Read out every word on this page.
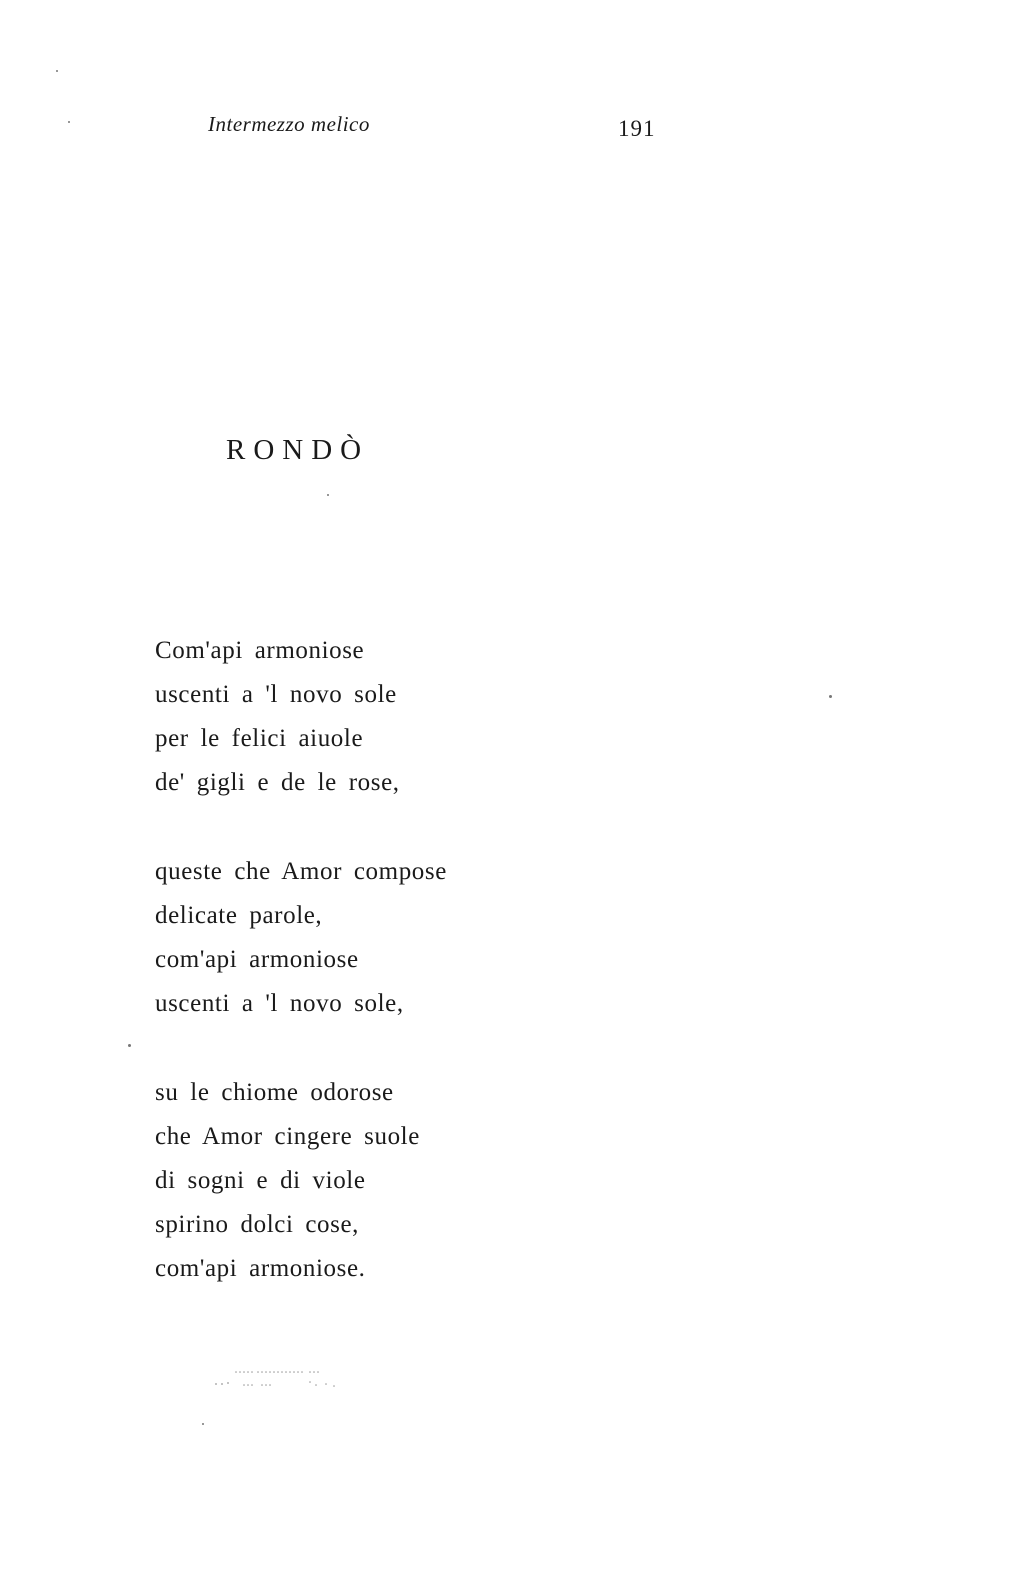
Intermezzo melico	191
RONDÒ
Com'api armoniose
uscenti a 'l novo sole
per le felici aiuole
de' gigli e de le rose,
queste che Amor compose
delicate parole,
com'api armoniose
uscenti a 'l novo sole,
su le chiome odorose
che Amor cingere suole
di sogni e di viole
spirino dolci cose,
com'api armoniose.
